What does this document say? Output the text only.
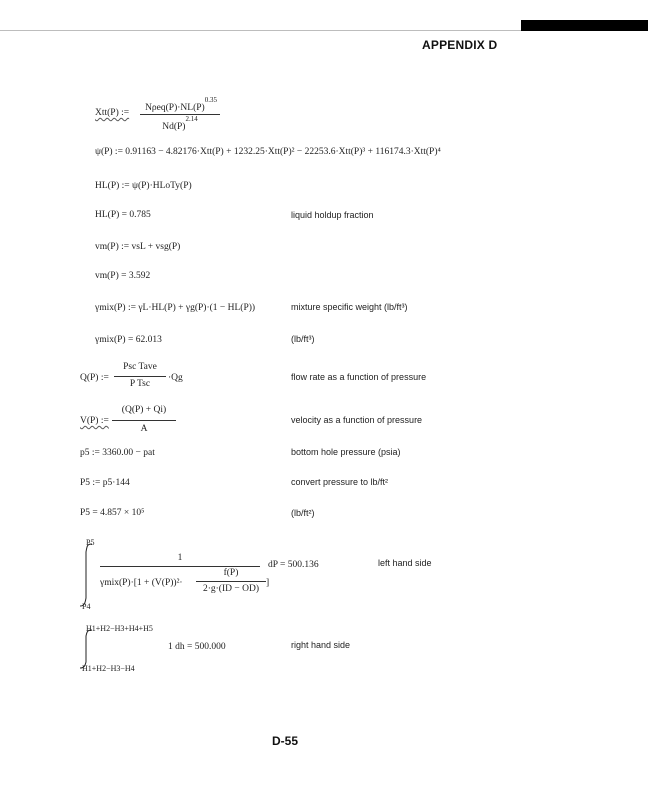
APPENDIX D
Xtt(P) :=	$N\rho eq(P)\cdot NL(P)^{0.35}$
$Nd(P)^{2.14}$
ψ(P) := 0.91163 − 4.82176·Xtt(P) + 1232.25·Xtt(P)² − 22253.6·Xtt(P)³ + 116174.3·Xtt(P)⁴
HL(P) := ψ(P)·HLoTy(P)
HL(P) = 0.785	liquid holdup fraction
vm(P) := vsL + vsg(P)
vm(P) = 3.592
γmix(P) := γL·HL(P) + γg(P)·(1 − HL(P))	mixture specific weight (lb/ft³)
γmix(P) = 62.013	(lb/ft³)
Q(P) :=
Psc Tave
P Tsc
·Qg	flow rate as a function of pressure
V(P) :=
(Q(P) + Qi)
A
velocity as a function of pressure
p5 := 3360.00 − pat	bottom hole pressure (psia)
P5 := p5·144	convert pressure to lb/ft²
P5 = 4.857 × 10⁵	(lb/ft²)
P5
P4
1
γmix(P)·[1 + (V(P))²·
f(P)
2·g·(ID − OD)
]
dP = 500.136	left hand side
H1+H2−H3+H4+H5
H1+H2−H3−H4
1 dh = 500.000	right hand side
D-55
